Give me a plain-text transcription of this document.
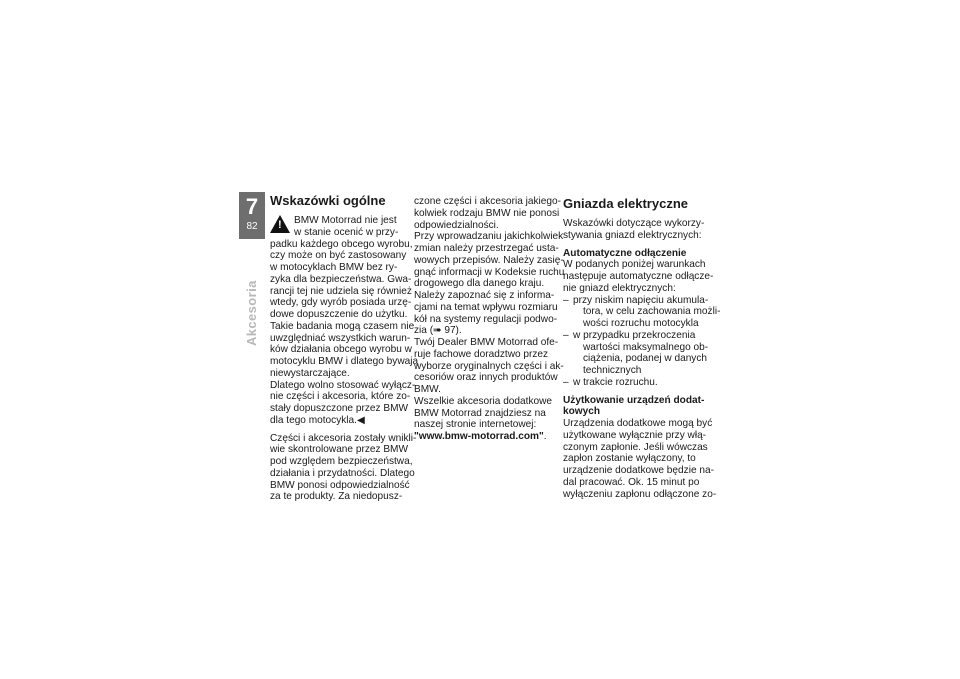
7
82
Akcesoria
Wskazówki ogólne
!	BMW Motorrad nie jest
w stanie ocenić w przy-

padku każdego obcego wyrobu,
czy może on być zastosowany
w motocyklach BMW bez ry-
zyka dla bezpieczeństwa. Gwa-
rancji tej nie udziela się również
wtedy, gdy wyrób posiada urzę-
dowe dopuszczenie do użytku.
Takie badania mogą czasem nie
uwzględniać wszystkich warun-
ków działania obcego wyrobu w
motocyklu BMW i dlatego bywają
niewystarczające.
Dlatego wolno stosować wyłącz-
nie części i akcesoria, które zo-
stały dopuszczone przez BMW
dla tego motocykla.◀

Części i akcesoria zostały wnikli-
wie skontrolowane przez BMW
pod względem bezpieczeństwa,
działania i przydatności. Dlatego
BMW ponosi odpowiedzialność
za te produkty. Za niedopusz-

czone części i akcesoria jakiego-
kolwiek rodzaju BMW nie ponosi
odpowiedzialności.
Przy wprowadzaniu jakichkolwiek
zmian należy przestrzegać usta-
wowych przepisów. Należy zasię-
gnąć informacji w Kodeksie ruchu
drogowego dla danego kraju.
Należy zapoznać się z informa-
cjami na temat wpływu rozmiaru
kół na systemy regulacji podwo-
zia (➠ 97).
Twój Dealer BMW Motorrad ofe-
ruje fachowe doradztwo przez
wyborze oryginalnych części i ak-
cesoriów oraz innych produktów
BMW.
Wszelkie akcesoria dodatkowe
BMW Motorrad znajdziesz na
naszej stronie internetowej:
"www.bmw-motorrad.com".
Gniazda elektryczne

Wskazówki dotyczące wykorzy-
stywania gniazd elektrycznych:

Automatyczne odłączenie
W podanych poniżej warunkach
następuje automatyczne odłącze-
nie gniazd elektrycznych:
– przy niskim napięciu akumula-
tora, w celu zachowania możli-
wości rozruchu motocykla
– w przypadku przekroczenia
wartości maksymalnego ob-
ciążenia, podanej w danych
technicznych
– w trakcie rozruchu.
Użytkowanie urządzeń dodat-
kowych
Urządzenia dodatkowe mogą być
użytkowane wyłącznie przy włą-
czonym zapłonie. Jeśli wówczas
zapłon zostanie wyłączony, to
urządzenie dodatkowe będzie na-
dal pracować. Ok. 15 minut po
wyłączeniu zapłonu odłączone zo-
